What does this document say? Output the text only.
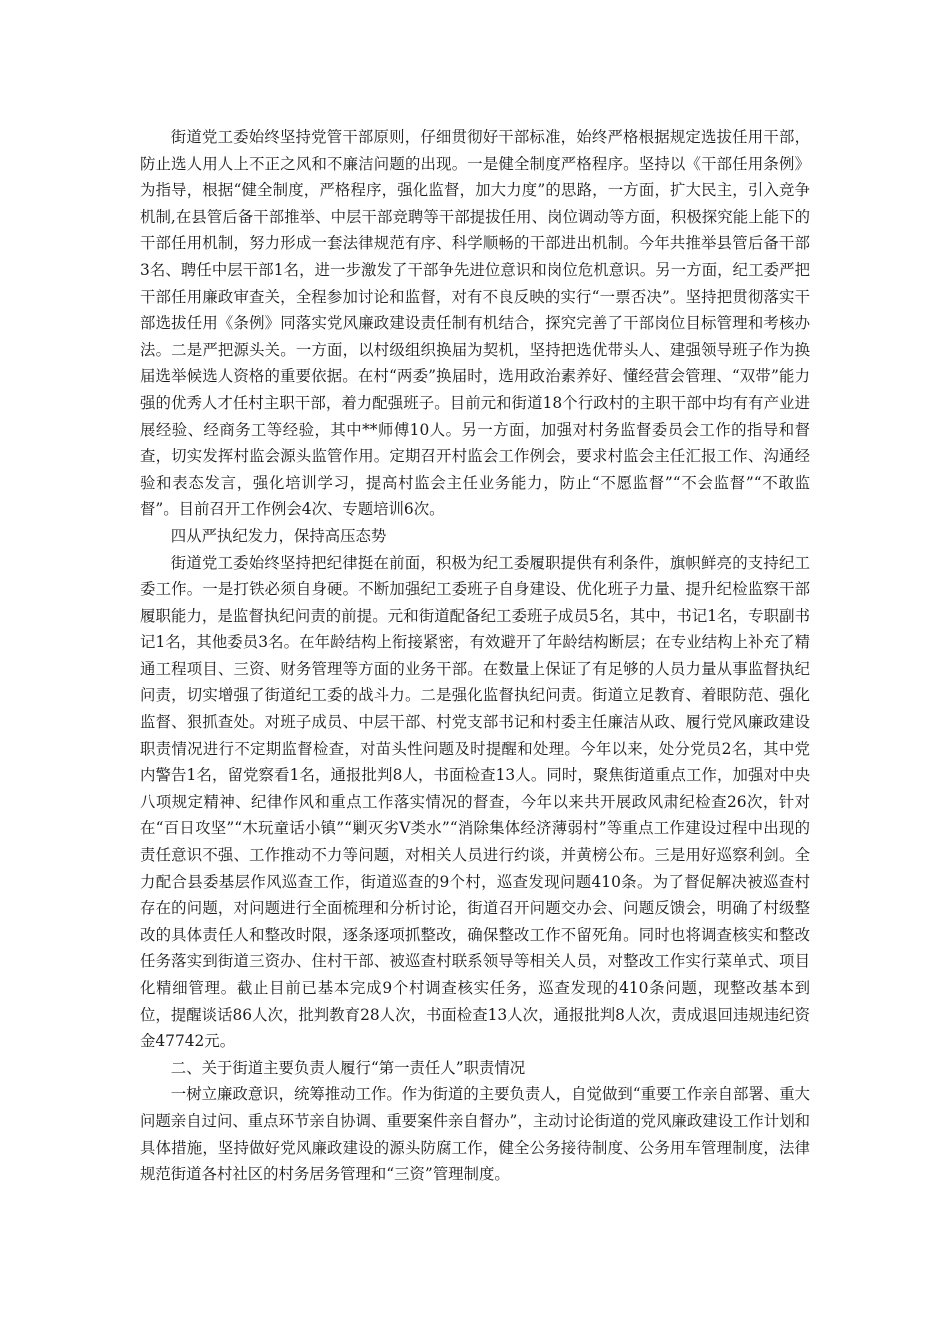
街道党工委始终坚持党管干部原则，仔细贯彻好干部标准，始终严格根据规定选拔任用干部，防止选人用人上不正之风和不廉洁问题的出现。一是健全制度严格程序。坚持以《干部任用条例》为指导，根据“健全制度，严格程序，强化监督，加大力度”的思路，一方面，扩大民主，引入竞争机制,在县管后备干部推举、中层干部竞聘等干部提拔任用、岗位调动等方面，积极探究能上能下的干部任用机制，努力形成一套法律规范有序、科学顺畅的干部进出机制。今年共推举县管后备干部3名、聘任中层干部1名，进一步激发了干部争先进位意识和岗位危机意识。另一方面，纪工委严把干部任用廉政审查关，全程参加讨论和监督，对有不良反映的实行“一票否决”。坚持把贯彻落实干部选拔任用《条例》同落实党风廉政建设责任制有机结合，探究完善了干部岗位目标管理和考核办法。二是严把源头关。一方面，以村级组织换届为契机，坚持把选优带头人、建强领导班子作为换届选举候选人资格的重要依据。在村“两委”换届时，选用政治素养好、懂经营会管理、“双带”能力强的优秀人才任村主职干部，着力配强班子。目前元和街道18个行政村的主职干部中均有有产业进展经验、经商务工等经验，其中**师傅10人。另一方面，加强对村务监督委员会工作的指导和督查，切实发挥村监会源头监管作用。定期召开村监会工作例会，要求村监会主任汇报工作、沟通经验和表态发言，强化培训学习，提高村监会主任业务能力，防止“不愿监督”“不会监督”“不敢监督”。目前召开工作例会4次、专题培训6次。

四从严执纪发力，保持高压态势

街道党工委始终坚持把纪律挺在前面，积极为纪工委履职提供有利条件，旗帜鲜亮的支持纪工委工作。一是打铁必须自身硬。不断加强纪工委班子自身建设、优化班子力量、提升纪检监察干部履职能力，是监督执纪问责的前提。元和街道配备纪工委班子成员5名，其中，书记1名，专职副书记1名，其他委员3名。在年龄结构上衔接紧密，有效避开了年龄结构断层；在专业结构上补充了精通工程项目、三资、财务管理等方面的业务干部。在数量上保证了有足够的人员力量从事监督执纪问责，切实增强了街道纪工委的战斗力。二是强化监督执纪问责。街道立足教育、着眼防范、强化监督、狠抓查处。对班子成员、中层干部、村党支部书记和村委主任廉洁从政、履行党风廉政建设职责情况进行不定期监督检查，对苗头性问题及时提醒和处理。今年以来，处分党员2名，其中党内警告1名，留党察看1名，通报批判8人，书面检查13人。同时，聚焦街道重点工作，加强对中央八项规定精神、纪律作风和重点工作落实情况的督查，今年以来共开展政风肃纪检查26次，针对在“百日攻坚”“木玩童话小镇”“剿灭劣Ⅴ类水”“消除集体经济薄弱村”等重点工作建设过程中出现的责任意识不强、工作推动不力等问题，对相关人员进行约谈，并黄榜公布。三是用好巡察利剑。全力配合县委基层作风巡查工作，街道巡查的9个村，巡查发现问题410条。为了督促解决被巡查村存在的问题，对问题进行全面梳理和分析讨论，街道召开问题交办会、问题反馈会，明确了村级整改的具体责任人和整改时限，逐条逐项抓整改，确保整改工作不留死角。同时也将调查核实和整改任务落实到街道三资办、住村干部、被巡查村联系领导等相关人员，对整改工作实行菜单式、项目化精细管理。截止目前已基本完成9个村调查核实任务，巡查发现的410条问题，现整改基本到位，提醒谈话86人次，批判教育28人次，书面检查13人次，通报批判8人次，责成退回违规违纪资金47742元。

二、关于街道主要负责人履行“第一责任人”职责情况

一树立廉政意识，统筹推动工作。作为街道的主要负责人，自觉做到“重要工作亲自部署、重大问题亲自过问、重点环节亲自协调、重要案件亲自督办”，主动讨论街道的党风廉政建设工作计划和具体措施，坚持做好党风廉政建设的源头防腐工作，健全公务接待制度、公务用车管理制度，法律规范街道各村社区的村务居务管理和“三资”管理制度。
